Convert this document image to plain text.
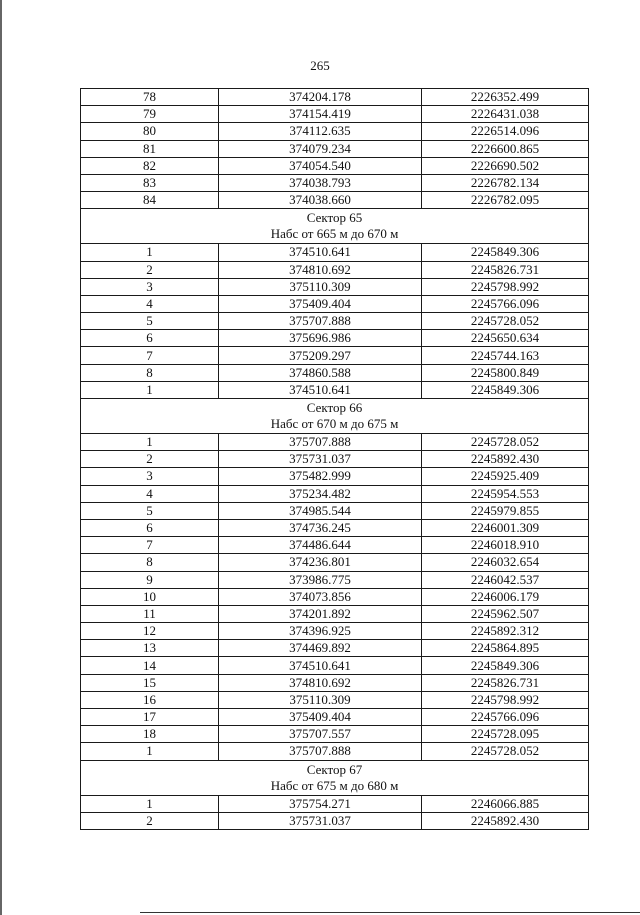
265
78	374204.178	2226352.499
79	374154.419	2226431.038
80	374112.635	2226514.096
81	374079.234	2226600.865
82	374054.540	2226690.502
83	374038.793	2226782.134
84	374038.660	2226782.095

Сектор 65
Набс от 665 м до 670 м		

1	374510.641	2245849.306
2	374810.692	2245826.731
3	375110.309	2245798.992
4	375409.404	2245766.096
5	375707.888	2245728.052
6	375696.986	2245650.634
7	375209.297	2245744.163
8	374860.588	2245800.849
1	374510.641	2245849.306

Сектор 66
Набс от 670 м до 675 м		

1	375707.888	2245728.052
2	375731.037	2245892.430
3	375482.999	2245925.409
4	375234.482	2245954.553
5	374985.544	2245979.855
6	374736.245	2246001.309
7	374486.644	2246018.910
8	374236.801	2246032.654
9	373986.775	2246042.537
10	374073.856	2246006.179
11	374201.892	2245962.507
12	374396.925	2245892.312
13	374469.892	2245864.895
14	374510.641	2245849.306
15	374810.692	2245826.731
16	375110.309	2245798.992
17	375409.404	2245766.096
18	375707.557	2245728.095
1	375707.888	2245728.052

Сектор 67
Набс от 675 м до 680 м		

1	375754.271	2246066.885
2	375731.037	2245892.430
